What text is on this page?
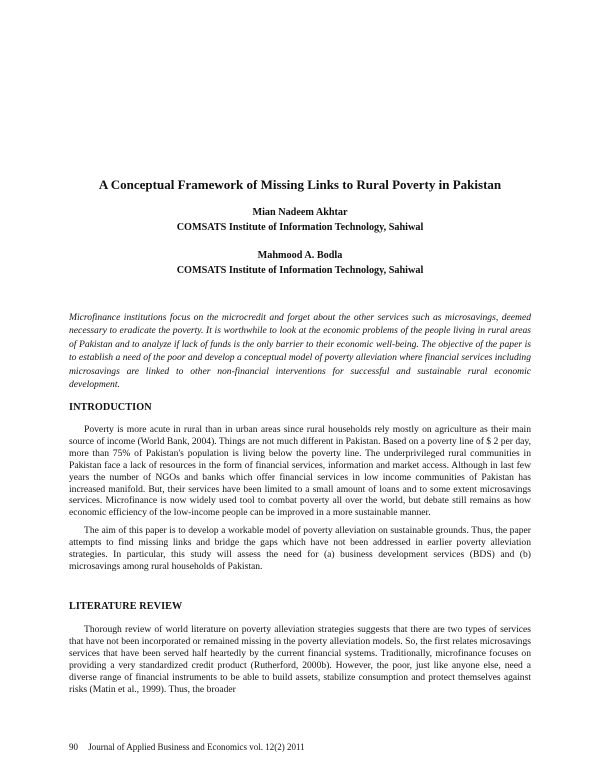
A Conceptual Framework of Missing Links to Rural Poverty in Pakistan
Mian Nadeem Akhtar
COMSATS Institute of Information Technology, Sahiwal
Mahmood A. Bodla
COMSATS Institute of Information Technology, Sahiwal

Microfinance institutions focus on the microcredit and forget about the other services such as microsavings, deemed necessary to eradicate the poverty. It is worthwhile to look at the economic problems of the people living in rural areas of Pakistan and to analyze if lack of funds is the only barrier to their economic well-being. The objective of the paper is to establish a need of the poor and develop a conceptual model of poverty alleviation where financial services including microsavings are linked to other non-financial interventions for successful and sustainable rural economic development.

INTRODUCTION

Poverty is more acute in rural than in urban areas since rural households rely mostly on agriculture as their main source of income (World Bank, 2004). Things are not much different in Pakistan. Based on a poverty line of $ 2 per day, more than 75% of Pakistan's population is living below the poverty line. The underprivileged rural communities in Pakistan face a lack of resources in the form of financial services, information and market access. Although in last few years the number of NGOs and banks which offer financial services in low income communities of Pakistan has increased manifold. But, their services have been limited to a small amount of loans and to some extent microsavings services. Microfinance is now widely used tool to combat poverty all over the world, but debate still remains as how economic efficiency of the low-income people can be improved in a more sustainable manner.

The aim of this paper is to develop a workable model of poverty alleviation on sustainable grounds. Thus, the paper attempts to find missing links and bridge the gaps which have not been addressed in earlier poverty alleviation strategies. In particular, this study will assess the need for (a) business development services (BDS) and (b) microsavings among rural households of Pakistan.

LITERATURE REVIEW

Thorough review of world literature on poverty alleviation strategies suggests that there are two types of services that have not been incorporated or remained missing in the poverty alleviation models. So, the first relates microsavings services that have been served half heartedly by the current financial systems. Traditionally, microfinance focuses on providing a very standardized credit product (Rutherford, 2000b). However, the poor, just like anyone else, need a diverse range of financial instruments to be able to build assets, stabilize consumption and protect themselves against risks (Matin et al., 1999). Thus, the broader

90 Journal of Applied Business and Economics vol. 12(2) 2011
